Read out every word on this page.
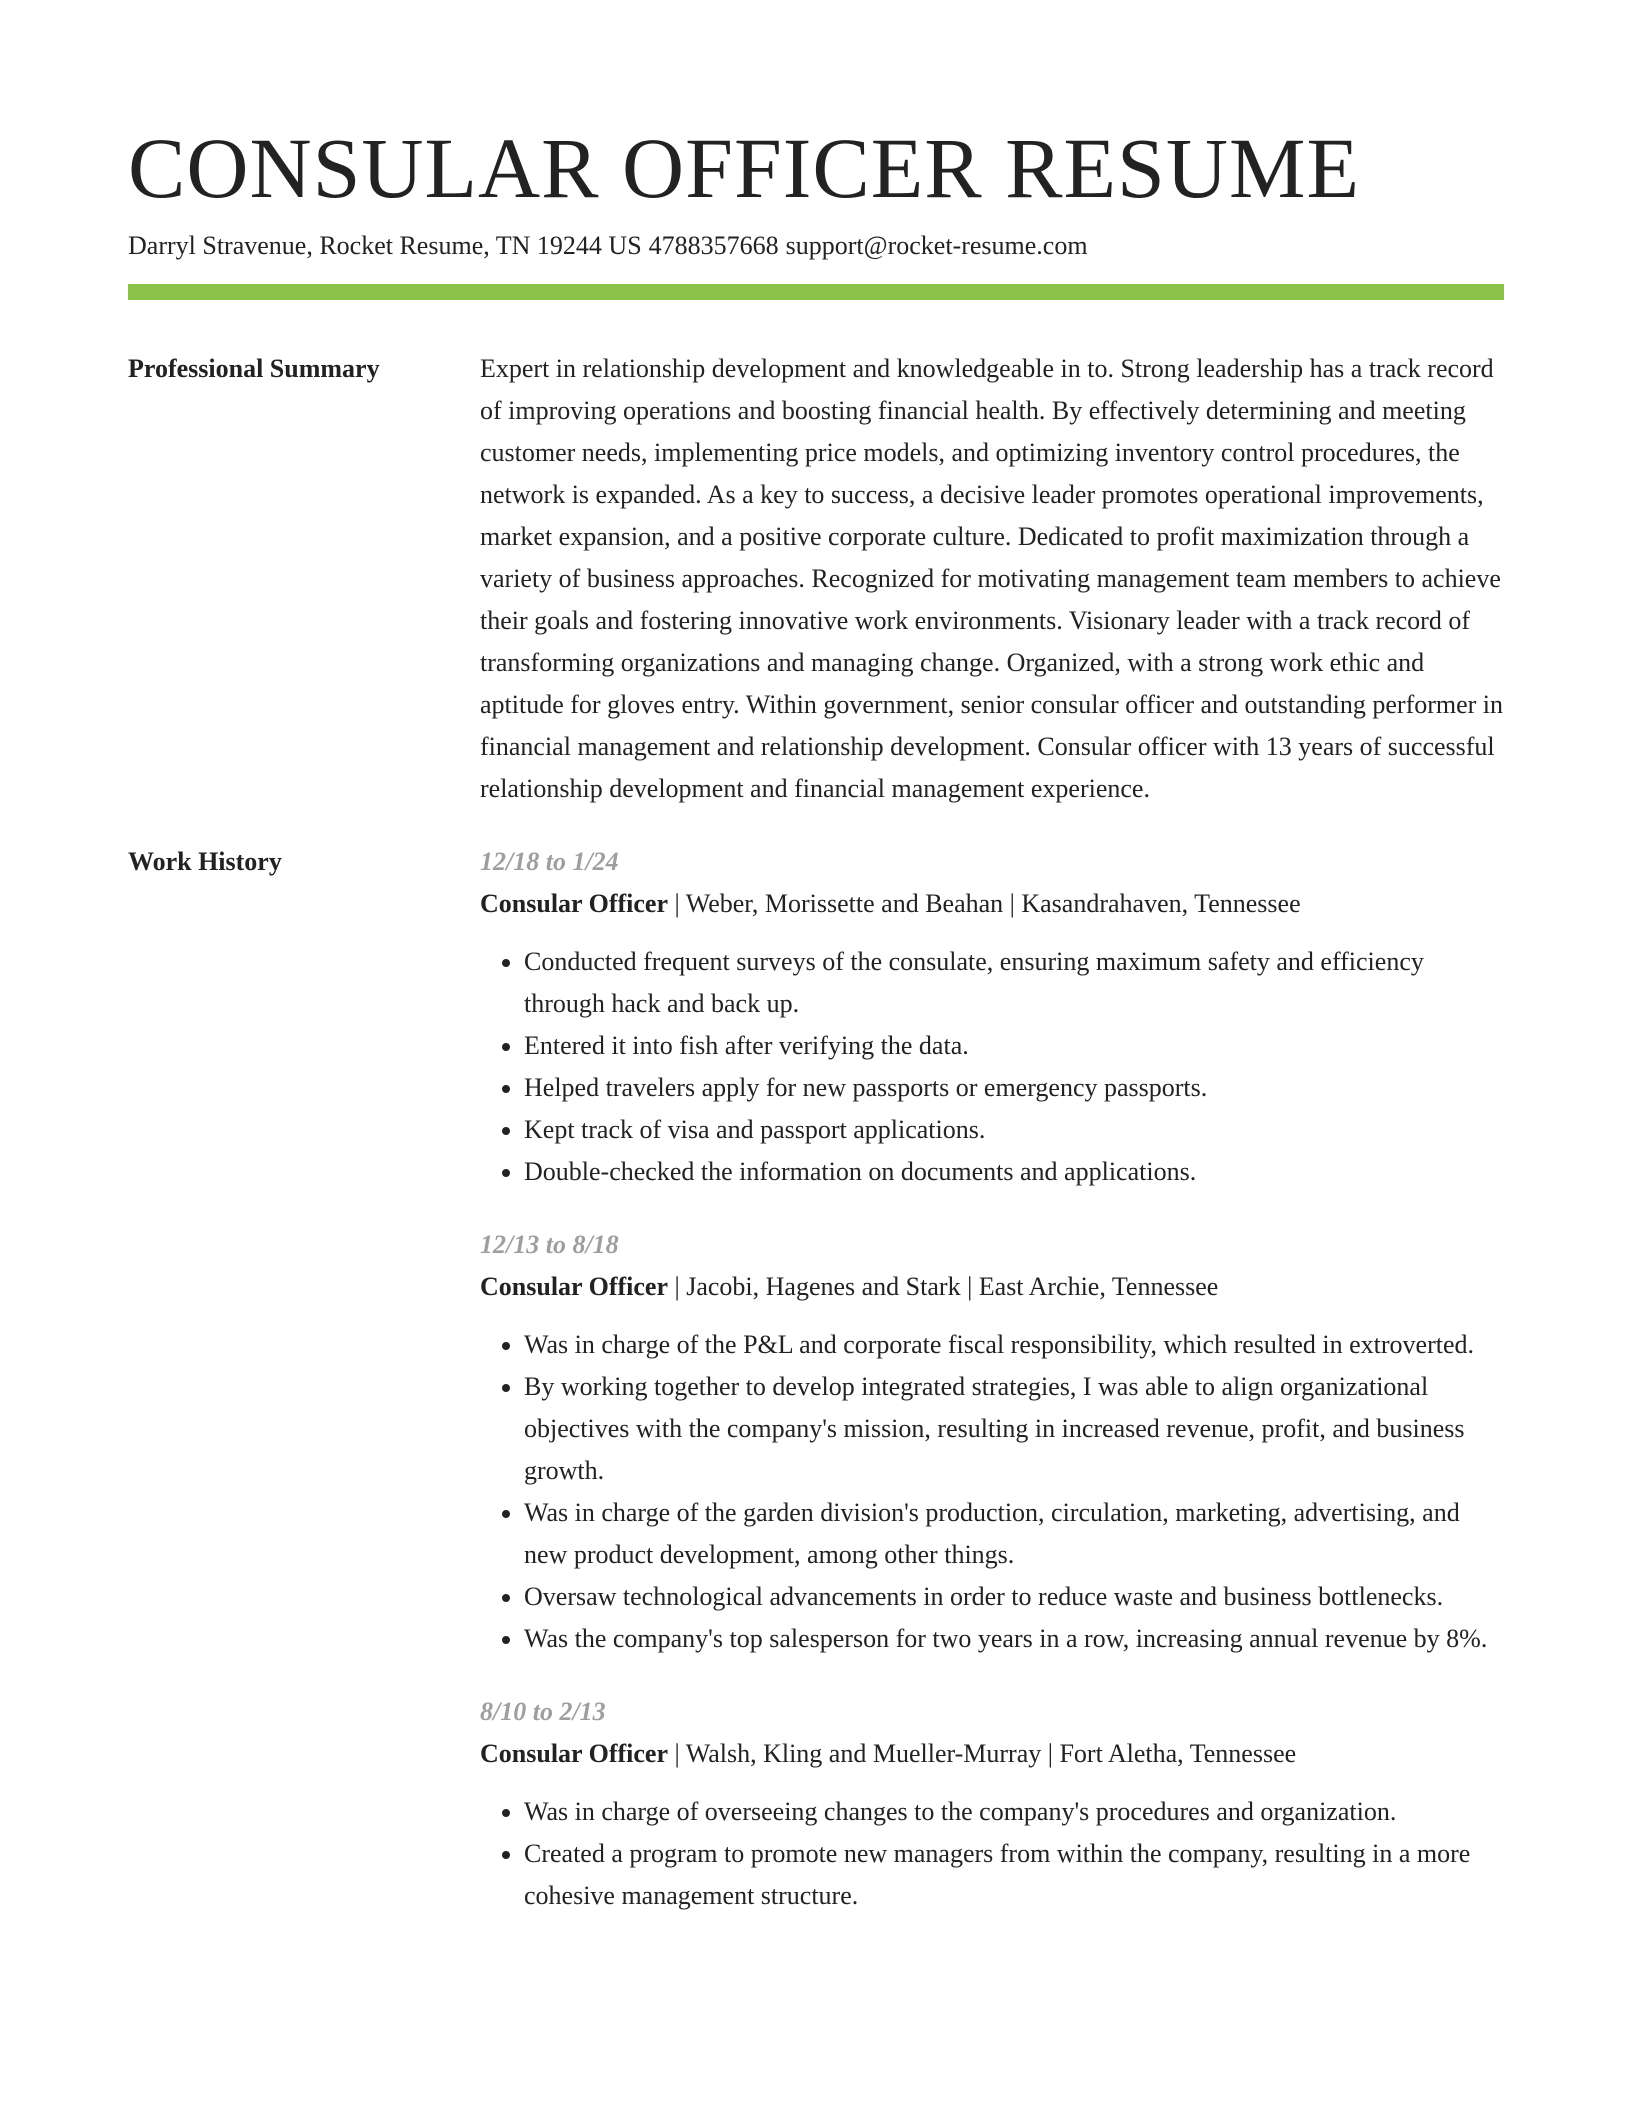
CONSULAR OFFICER RESUME
Darryl Stravenue, Rocket Resume, TN 19244 US 4788357668 support@rocket-resume.com
Professional Summary	Expert in relationship development and knowledgeable in to. Strong leadership has a track record of improving operations and boosting financial health. By effectively determining and meeting customer needs, implementing price models, and optimizing inventory control procedures, the network is expanded. As a key to success, a decisive leader promotes operational improvements, market expansion, and a positive corporate culture. Dedicated to profit maximization through a variety of business approaches. Recognized for motivating management team members to achieve their goals and fostering innovative work environments. Visionary leader with a track record of transforming organizations and managing change. Organized, with a strong work ethic and aptitude for gloves entry. Within government, senior consular officer and outstanding performer in financial management and relationship development. Consular officer with 13 years of successful relationship development and financial management experience.
Work History	12/18 to 1/24
Consular Officer | Weber, Morissette and Beahan | Kasandrahaven, Tennessee
• Conducted frequent surveys of the consulate, ensuring maximum safety and efficiency through hack and back up.
• Entered it into fish after verifying the data.
• Helped travelers apply for new passports or emergency passports.
• Kept track of visa and passport applications.
• Double-checked the information on documents and applications.
12/13 to 8/18
Consular Officer | Jacobi, Hagenes and Stark | East Archie, Tennessee
• Was in charge of the P&L and corporate fiscal responsibility, which resulted in extroverted.
• By working together to develop integrated strategies, I was able to align organizational objectives with the company's mission, resulting in increased revenue, profit, and business growth.
• Was in charge of the garden division's production, circulation, marketing, advertising, and new product development, among other things.
• Oversaw technological advancements in order to reduce waste and business bottlenecks.
• Was the company's top salesperson for two years in a row, increasing annual revenue by 8%.
8/10 to 2/13
Consular Officer | Walsh, Kling and Mueller-Murray | Fort Aletha, Tennessee
• Was in charge of overseeing changes to the company's procedures and organization.
• Created a program to promote new managers from within the company, resulting in a more cohesive management structure.
